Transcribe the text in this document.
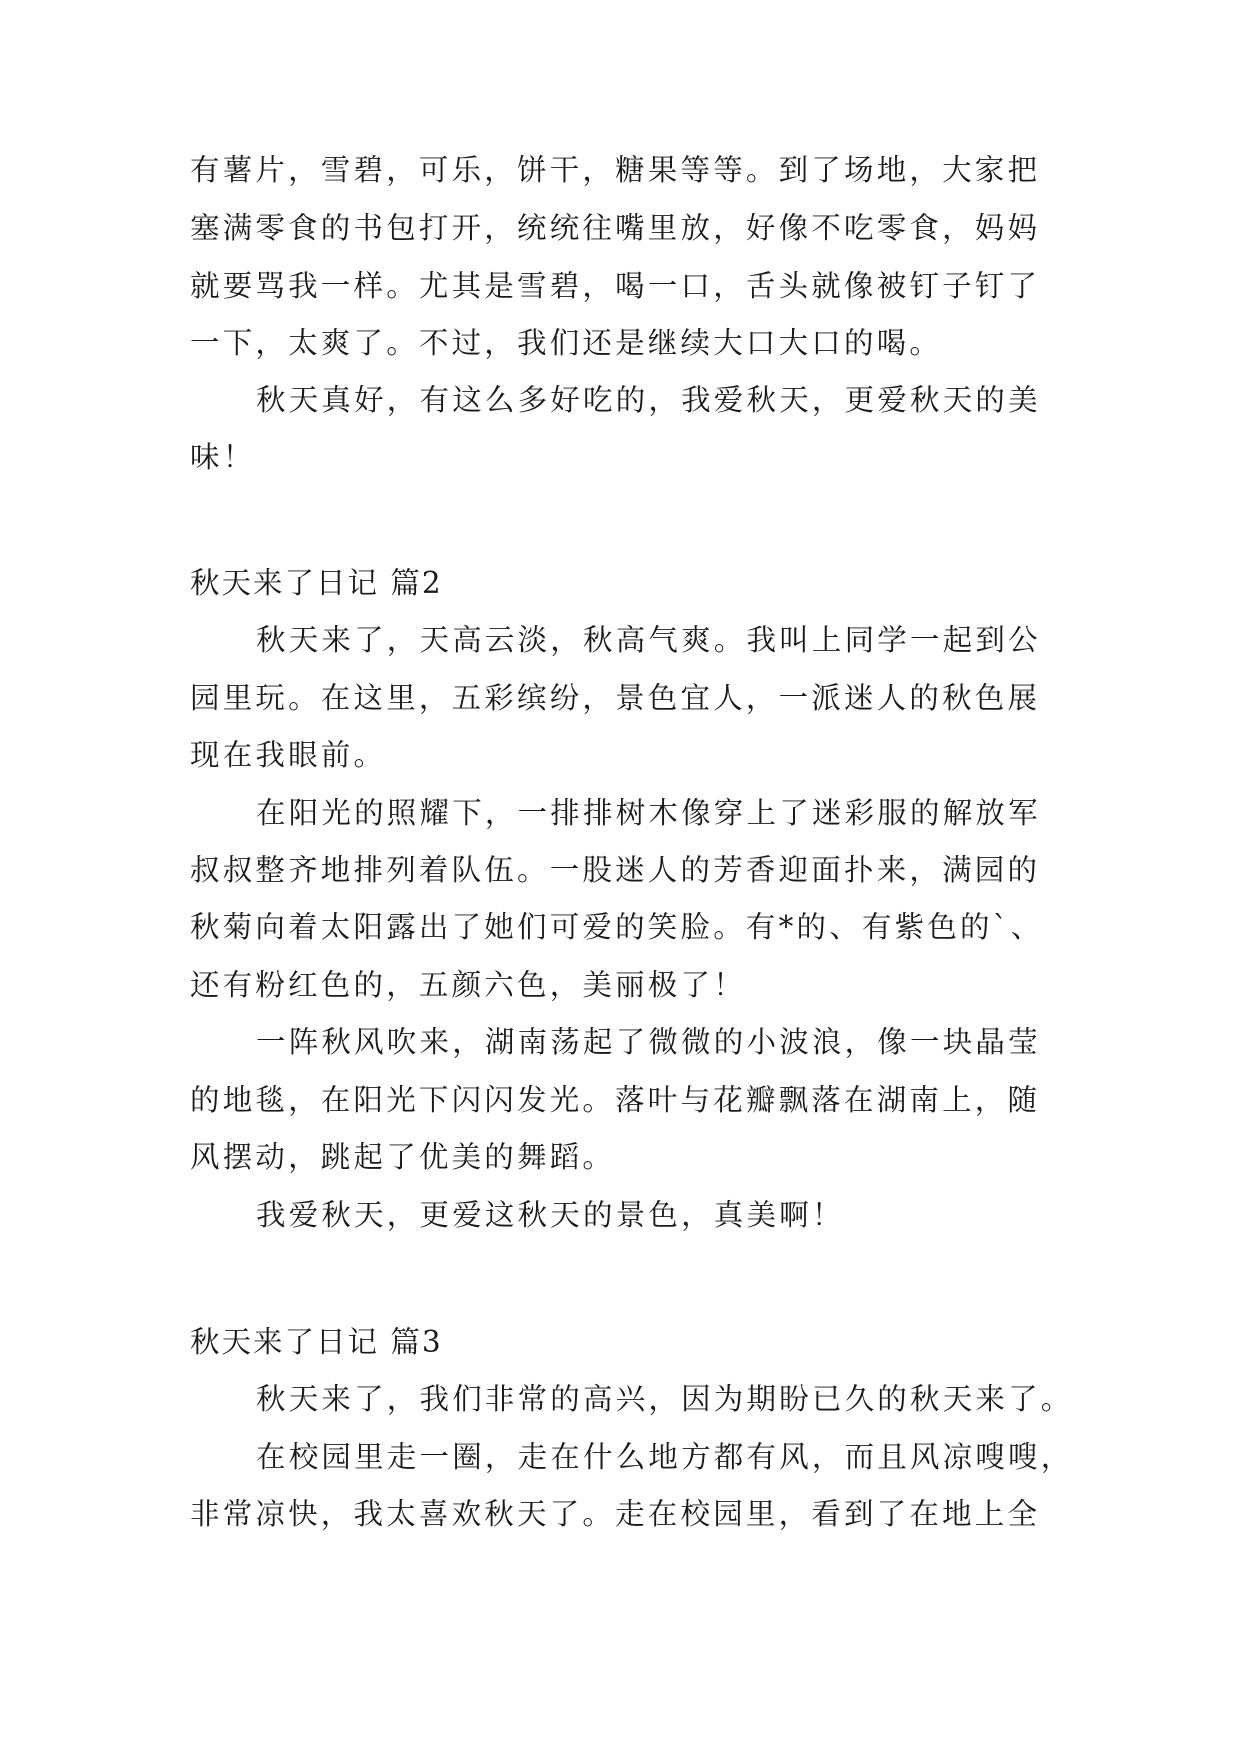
有薯片，雪碧，可乐，饼干，糖果等等。到了场地，大家把

塞满零食的书包打开，统统往嘴里放，好像不吃零食，妈妈

就要骂我一样。尤其是雪碧，喝一口，舌头就像被钉子钉了

一下，太爽了。不过，我们还是继续大口大口的喝。

秋天真好，有这么多好吃的，我爱秋天，更爱秋天的美

味！

秋天来了日记 篇2

秋天来了，天高云淡，秋高气爽。我叫上同学一起到公

园里玩。在这里，五彩缤纷，景色宜人，一派迷人的秋色展

现在我眼前。

在阳光的照耀下，一排排树木像穿上了迷彩服的解放军

叔叔整齐地排列着队伍。一股迷人的芳香迎面扑来，满园的

秋菊向着太阳露出了她们可爱的笑脸。有*的、有紫色的`、

还有粉红色的，五颜六色，美丽极了！

一阵秋风吹来，湖南荡起了微微的小波浪，像一块晶莹

的地毯，在阳光下闪闪发光。落叶与花瓣飘落在湖南上，随

风摆动，跳起了优美的舞蹈。

我爱秋天，更爱这秋天的景色，真美啊！

秋天来了日记 篇3

秋天来了，我们非常的高兴，因为期盼已久的秋天来了。

在校园里走一圈，走在什么地方都有风，而且风凉嗖嗖，

非常凉快，我太喜欢秋天了。走在校园里，看到了在地上全
